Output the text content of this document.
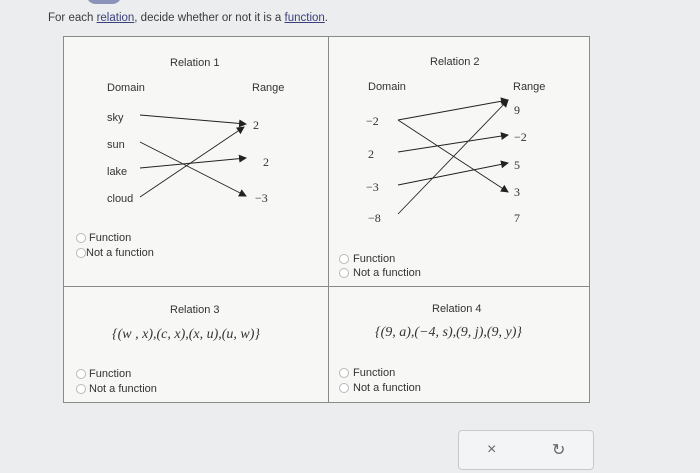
For each relation, decide whether or not it is a function.
Relation 1
Domain	Range
sky
sun
lake
cloud
2
2
−3
Function
Not a function
Relation 2
Domain	Range
−2
2
−3
−8
9
−2
5
3
7
Function
Not a function
Relation 3
{(w , x),(c, x),(x, u),(u, w)}
Function
Not a function
Relation 4
{(9, a),(−4, s),(9, j),(9, y)}
Function
Not a function
×	↻
